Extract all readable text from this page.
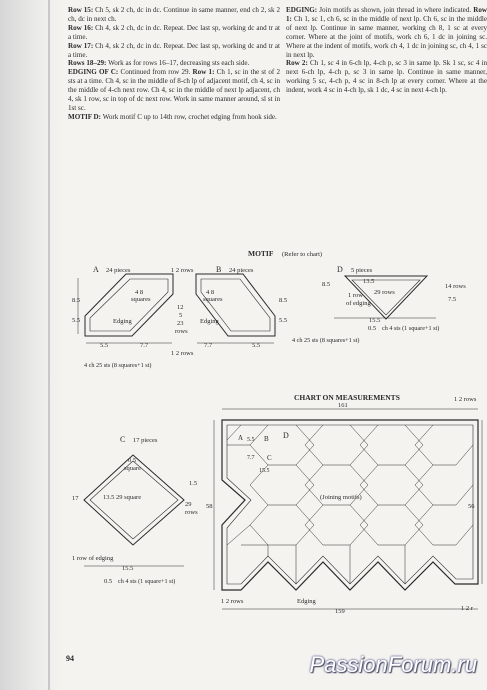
Row 15: Ch 5, sk 2 ch, dc in dc. Continue in same manner, end ch 2, sk 2 ch, dc in next ch.

Row 16: Ch 4, sk 2 ch, dc in dc. Repeat. Dec last sp, working dc and tr at a time.

Row 17: Ch 4, sk 2 ch, dc in dc. Repeat. Dec last sp, working dc and tr at a time.

Rows 18–29: Work as for rows 16–17, decreasing sts each side.

EDGING OF C: Continued from row 29. Row 1: Ch 1, sc in the st of 2 sts at a time. Ch 4, sc in the middle of 8-ch lp of adjacent motif, ch 4, sc in the middle of 4-ch next row. Ch 4, sc in the middle of next lp adjacent, ch 4, sk 1 row, sc in top of dc next row. Work in same manner around, sl st in 1st sc.

MOTIF D: Work motif C up to 14th row, crochet edging from hook side.

EDGING: Join motifs as shown, join thread in where indicated. Row 1: Ch 1, sc 1, ch 6, sc in the middle of next lp. Ch 6, sc in the middle of next lp. Continue in same manner, working ch 8, 1 sc at every corner. Where at the joint of motifs, work ch 6, 1 dc in joining sc. Where at the indent of motifs, work ch 4, 1 dc in joining sc, ch 4, 1 sc in next lp.

Row 2: Ch 1, sc 4 in 6-ch lp, 4-ch p, sc 3 in same lp. Sk 1 sc, sc 4 in next 6-ch lp, 4-ch p, sc 3 in same lp. Continue in same manner, working 5 sc, 4-ch p, 4 sc in 8-ch lp at every corner. Where at the indent, work 4 sc in 4-ch lp, sk 1 dc, 4 sc in next 4-ch lp.

MOTIF (Refer to chart)
A 24 pieces
4 8
squares
Edging
8.5
5.5
5.5	7.7
4 ch 25 sts (8 squares+1 st)
1 2 rows
12
5
23
rows
1 2 rows
B 24 pieces
4 8
squares
Edging
8.5
5.5
7.7	5.5
D 5 pieces
13.5
29 rows
14 rows
8.5
7.5
1 row
of edging
15.5
0.5 ch 4 sts (1 square+1 st)
4 ch 25 sts (8 squares+1 st)
C 17 pieces
0.5
square
13.5 29 square
17
1.5
29
rows
1 row of edging
15.5
0.5 ch 4 sts (1 square+1 st)
CHART ON MEASUREMENTS	1 2 rows
161
A 5.5 B D
7.7 C
15.5
(Joining motifs)
58	56
1 2 rows	Edging
159	1 2 r
94	PassionForum.ru
